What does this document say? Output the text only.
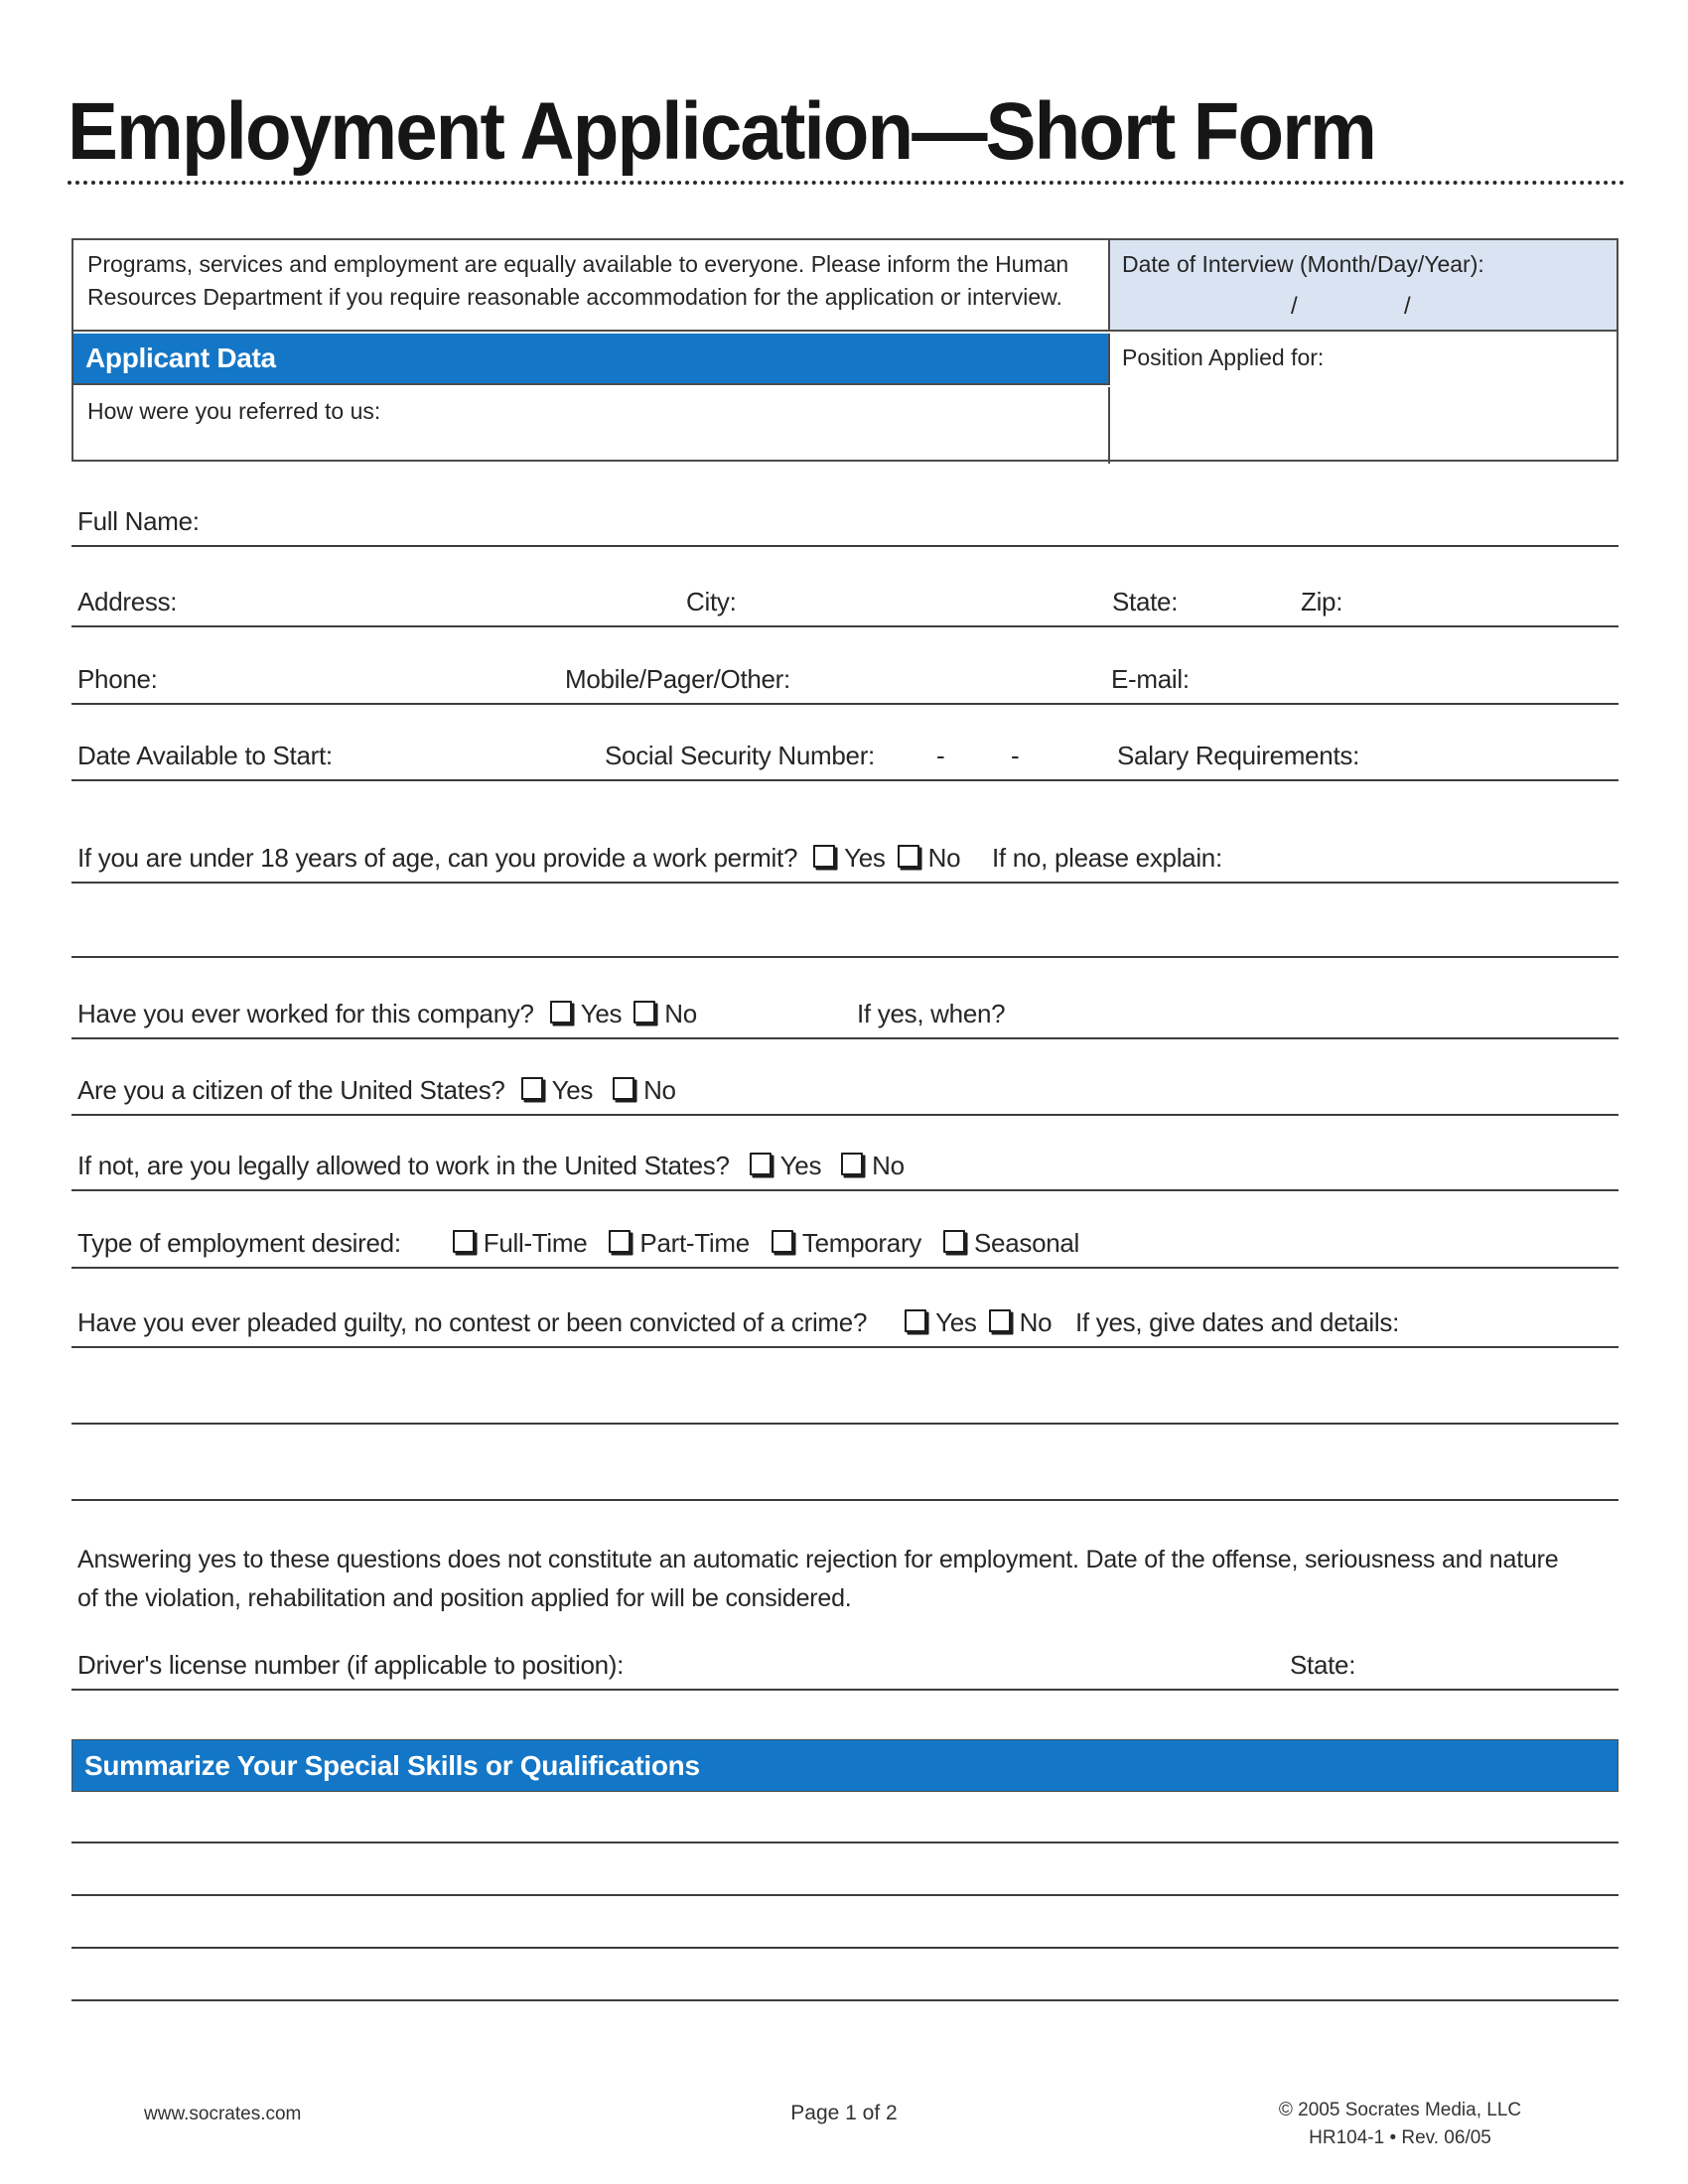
Employment Application—Short Form
Programs, services and employment are equally available to everyone. Please inform the Human Resources Department if you require reasonable accommodation for the application or interview.
Date of Interview (Month/Day/Year):
/	/
Applicant Data
How were you referred to us:
Position Applied for:
Full Name:
Address:	City:	State:	Zip:
Phone:	Mobile/Pager/Other:	E-mail:
Date Available to Start:	Social Security Number: -	-	Salary Requirements:
If you are under 18 years of age, can you provide a work permit? Yes No If no, please explain:
Have you ever worked for this company? Yes No	If yes, when?
Are you a citizen of the United States? Yes No
If not, are you legally allowed to work in the United States? Yes No
Type of employment desired:	Full-Time Part-Time Temporary Seasonal
Have you ever pleaded guilty, no contest or been convicted of a crime?	Yes No If yes, give dates and details:
Answering yes to these questions does not constitute an automatic rejection for employment. Date of the offense, seriousness and nature of the violation, rehabilitation and position applied for will be considered.
Driver's license number (if applicable to position):	State:
Summarize Your Special Skills or Qualifications
www.socrates.com	Page 1 of 2	© 2005 Socrates Media, LLC
HR104-1 • Rev. 06/05
